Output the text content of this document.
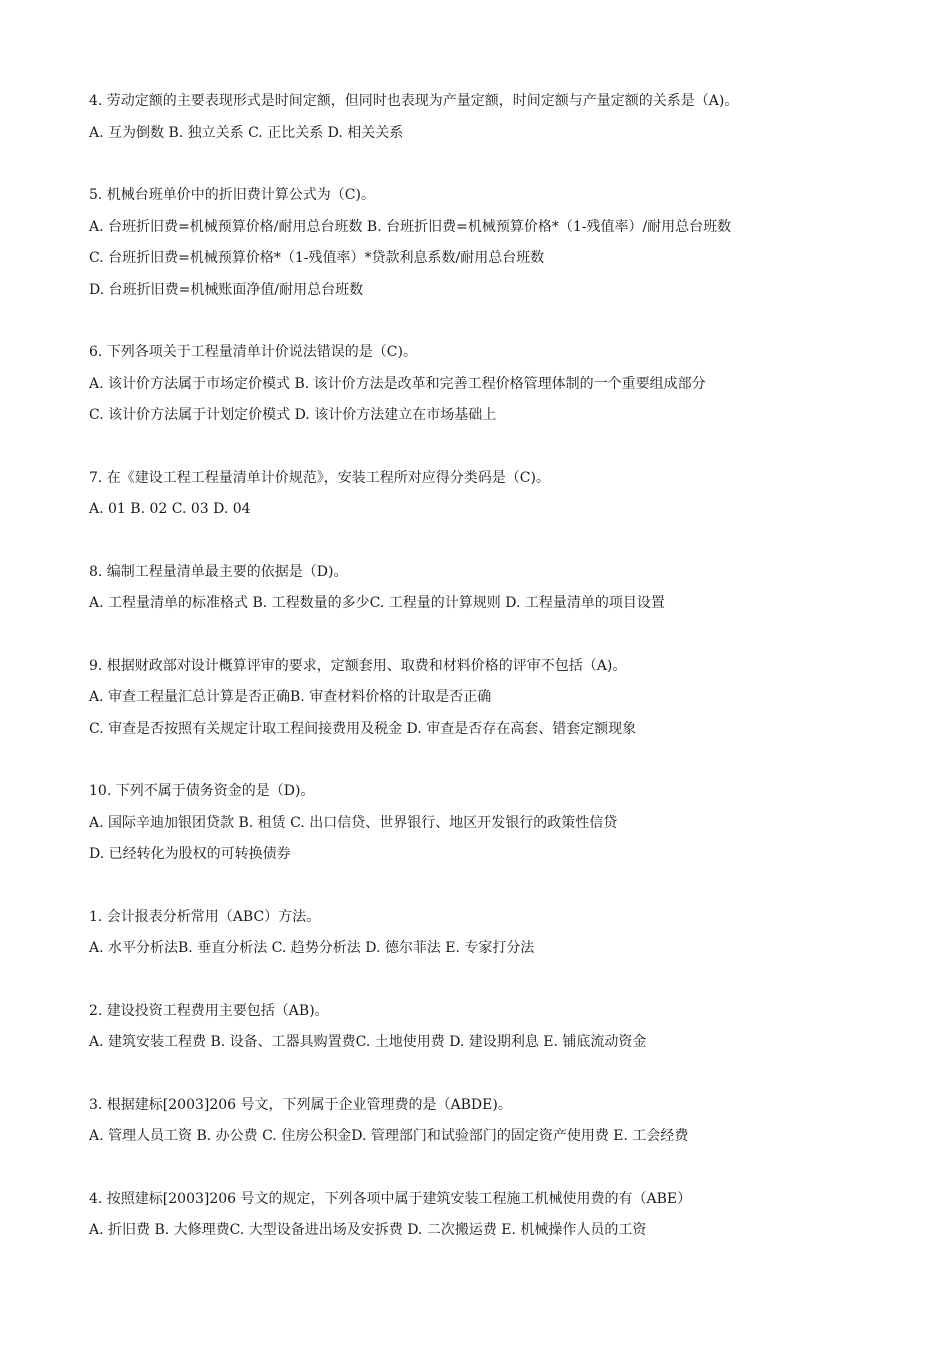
4. 劳动定额的主要表现形式是时间定额，但同时也表现为产量定额，时间定额与产量定额的关系是（A)。
A. 互为倒数 B. 独立关系 C. 正比关系 D. 相关关系
5. 机械台班单价中的折旧费计算公式为（C)。
A. 台班折旧费=机械预算价格/耐用总台班数 B. 台班折旧费=机械预算价格*（1-残值率）/耐用总台班数
C. 台班折旧费=机械预算价格*（1-残值率）*贷款利息系数/耐用总台班数
D. 台班折旧费=机械账面净值/耐用总台班数
6. 下列各项关于工程量清单计价说法错误的是（C)。
A. 该计价方法属于市场定价模式 B. 该计价方法是改革和完善工程价格管理体制的一个重要组成部分
C. 该计价方法属于计划定价模式 D. 该计价方法建立在市场基础上
7. 在《建设工程工程量清单计价规范》，安装工程所对应得分类码是（C)。
A. 01 B. 02 C. 03 D. 04
8. 编制工程量清单最主要的依据是（D)。
A. 工程量清单的标准格式 B. 工程数量的多少C. 工程量的计算规则 D. 工程量清单的项目设置
9. 根据财政部对设计概算评审的要求，定额套用、取费和材料价格的评审不包括（A)。
A. 审查工程量汇总计算是否正确B. 审查材料价格的计取是否正确
C. 审查是否按照有关规定计取工程间接费用及税金 D. 审查是否存在高套、错套定额现象
10. 下列不属于债务资金的是（D)。
A. 国际辛迪加银团贷款 B. 租赁 C. 出口信贷、世界银行、地区开发银行的政策性信贷
D. 已经转化为股权的可转换债券
1. 会计报表分析常用（ABC）方法。
A. 水平分析法B. 垂直分析法 C. 趋势分析法 D. 德尔菲法 E. 专家打分法
2. 建设投资工程费用主要包括（AB)。
A. 建筑安装工程费 B. 设备、工器具购置费C. 土地使用费 D. 建设期利息 E. 铺底流动资金
3. 根据建标[2003]206 号文，下列属于企业管理费的是（ABDE)。
A. 管理人员工资 B. 办公费 C. 住房公积金D. 管理部门和试验部门的固定资产使用费 E. 工会经费
4. 按照建标[2003]206 号文的规定，下列各项中属于建筑安装工程施工机械使用费的有（ABE）
A. 折旧费 B. 大修理费C. 大型设备进出场及安拆费 D. 二次搬运费 E. 机械操作人员的工资
